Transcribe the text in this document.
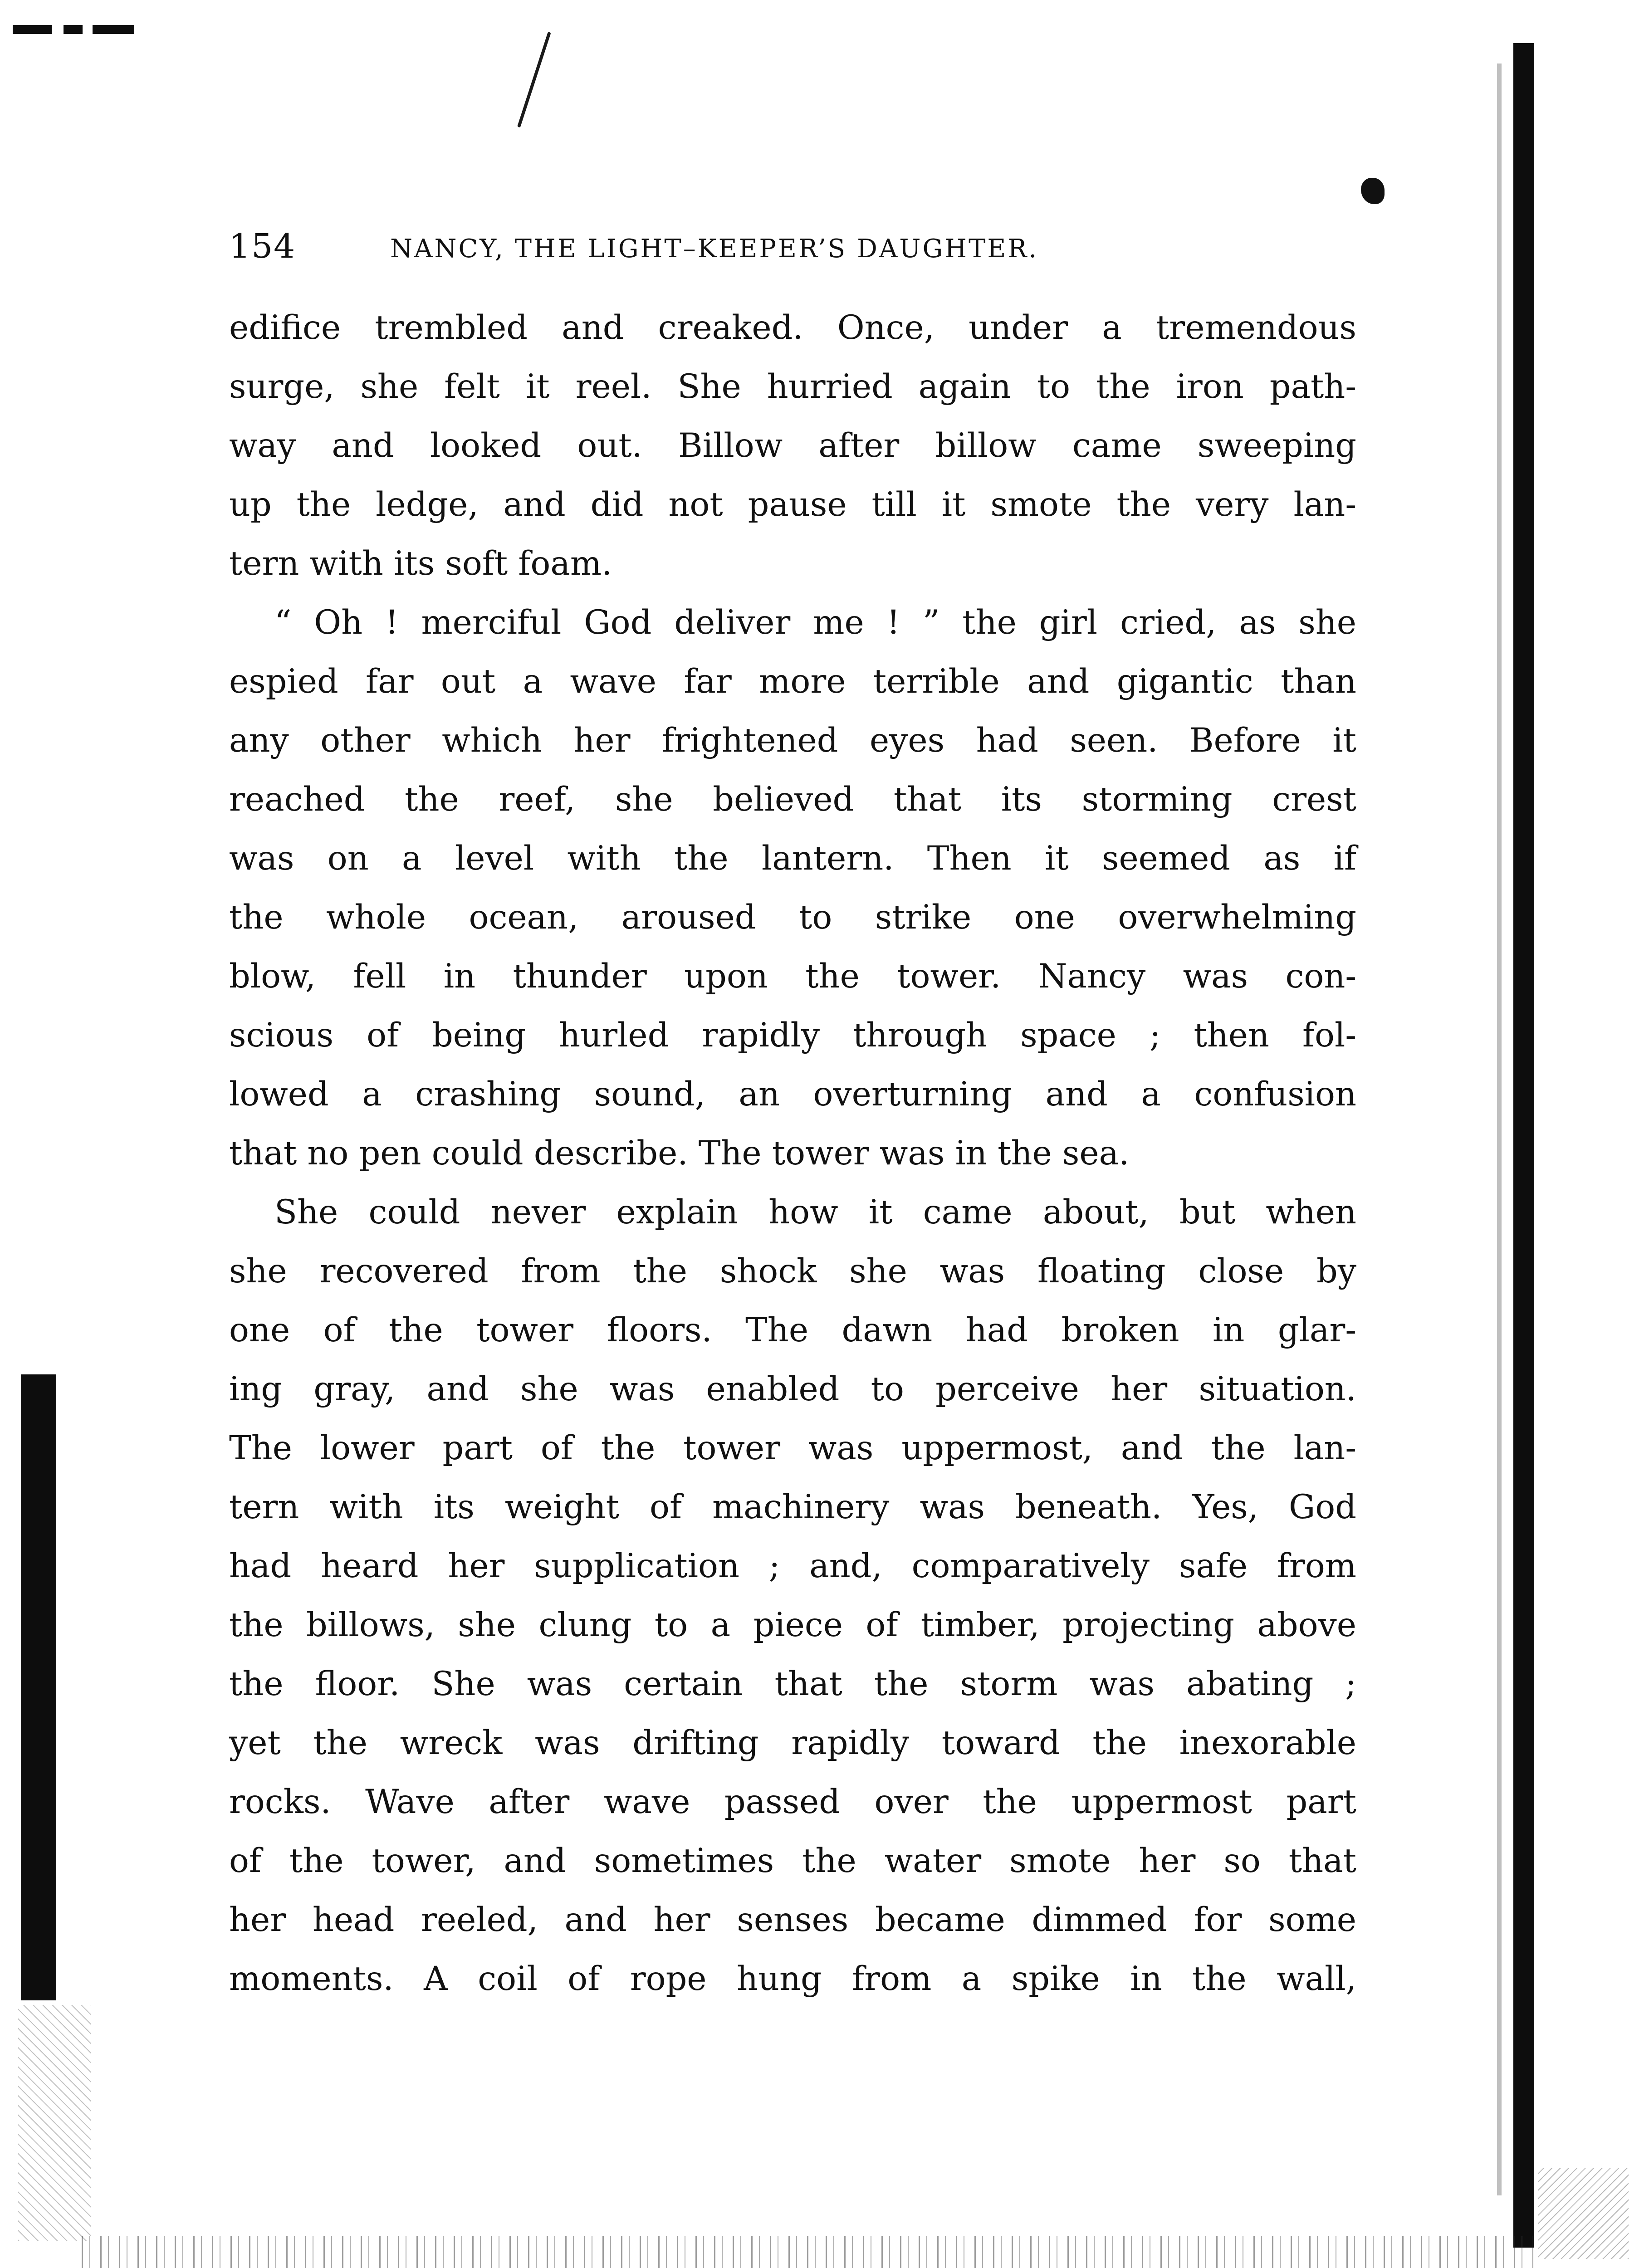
154	NANCY, THE LIGHT–KEEPER’S DAUGHTER.
edifice trembled and creaked. Once, under a tremendous
surge, she felt it reel. She hurried again to the iron path-
way and looked out. Billow after billow came sweeping
up the ledge, and did not pause till it smote the very lan-
tern with its soft foam.
“ Oh ! merciful God deliver me ! ” the girl cried, as she
espied far out a wave far more terrible and gigantic than
any other which her frightened eyes had seen. Before it
reached the reef, she believed that its storming crest
was on a level with the lantern. Then it seemed as if
the whole ocean, aroused to strike one overwhelming
blow, fell in thunder upon the tower. Nancy was con-
scious of being hurled rapidly through space ; then fol-
lowed a crashing sound, an overturning and a confusion
that no pen could describe. The tower was in the sea.
She could never explain how it came about, but when
she recovered from the shock she was floating close by
one of the tower floors. The dawn had broken in glar-
ing gray, and she was enabled to perceive her situation.
The lower part of the tower was uppermost, and the lan-
tern with its weight of machinery was beneath. Yes, God
had heard her supplication ; and, comparatively safe from
the billows, she clung to a piece of timber, projecting above
the floor. She was certain that the storm was abating ;
yet the wreck was drifting rapidly toward the inexorable
rocks. Wave after wave passed over the uppermost part
of the tower, and sometimes the water smote her so that
her head reeled, and her senses became dimmed for some
moments. A coil of rope hung from a spike in the wall,
